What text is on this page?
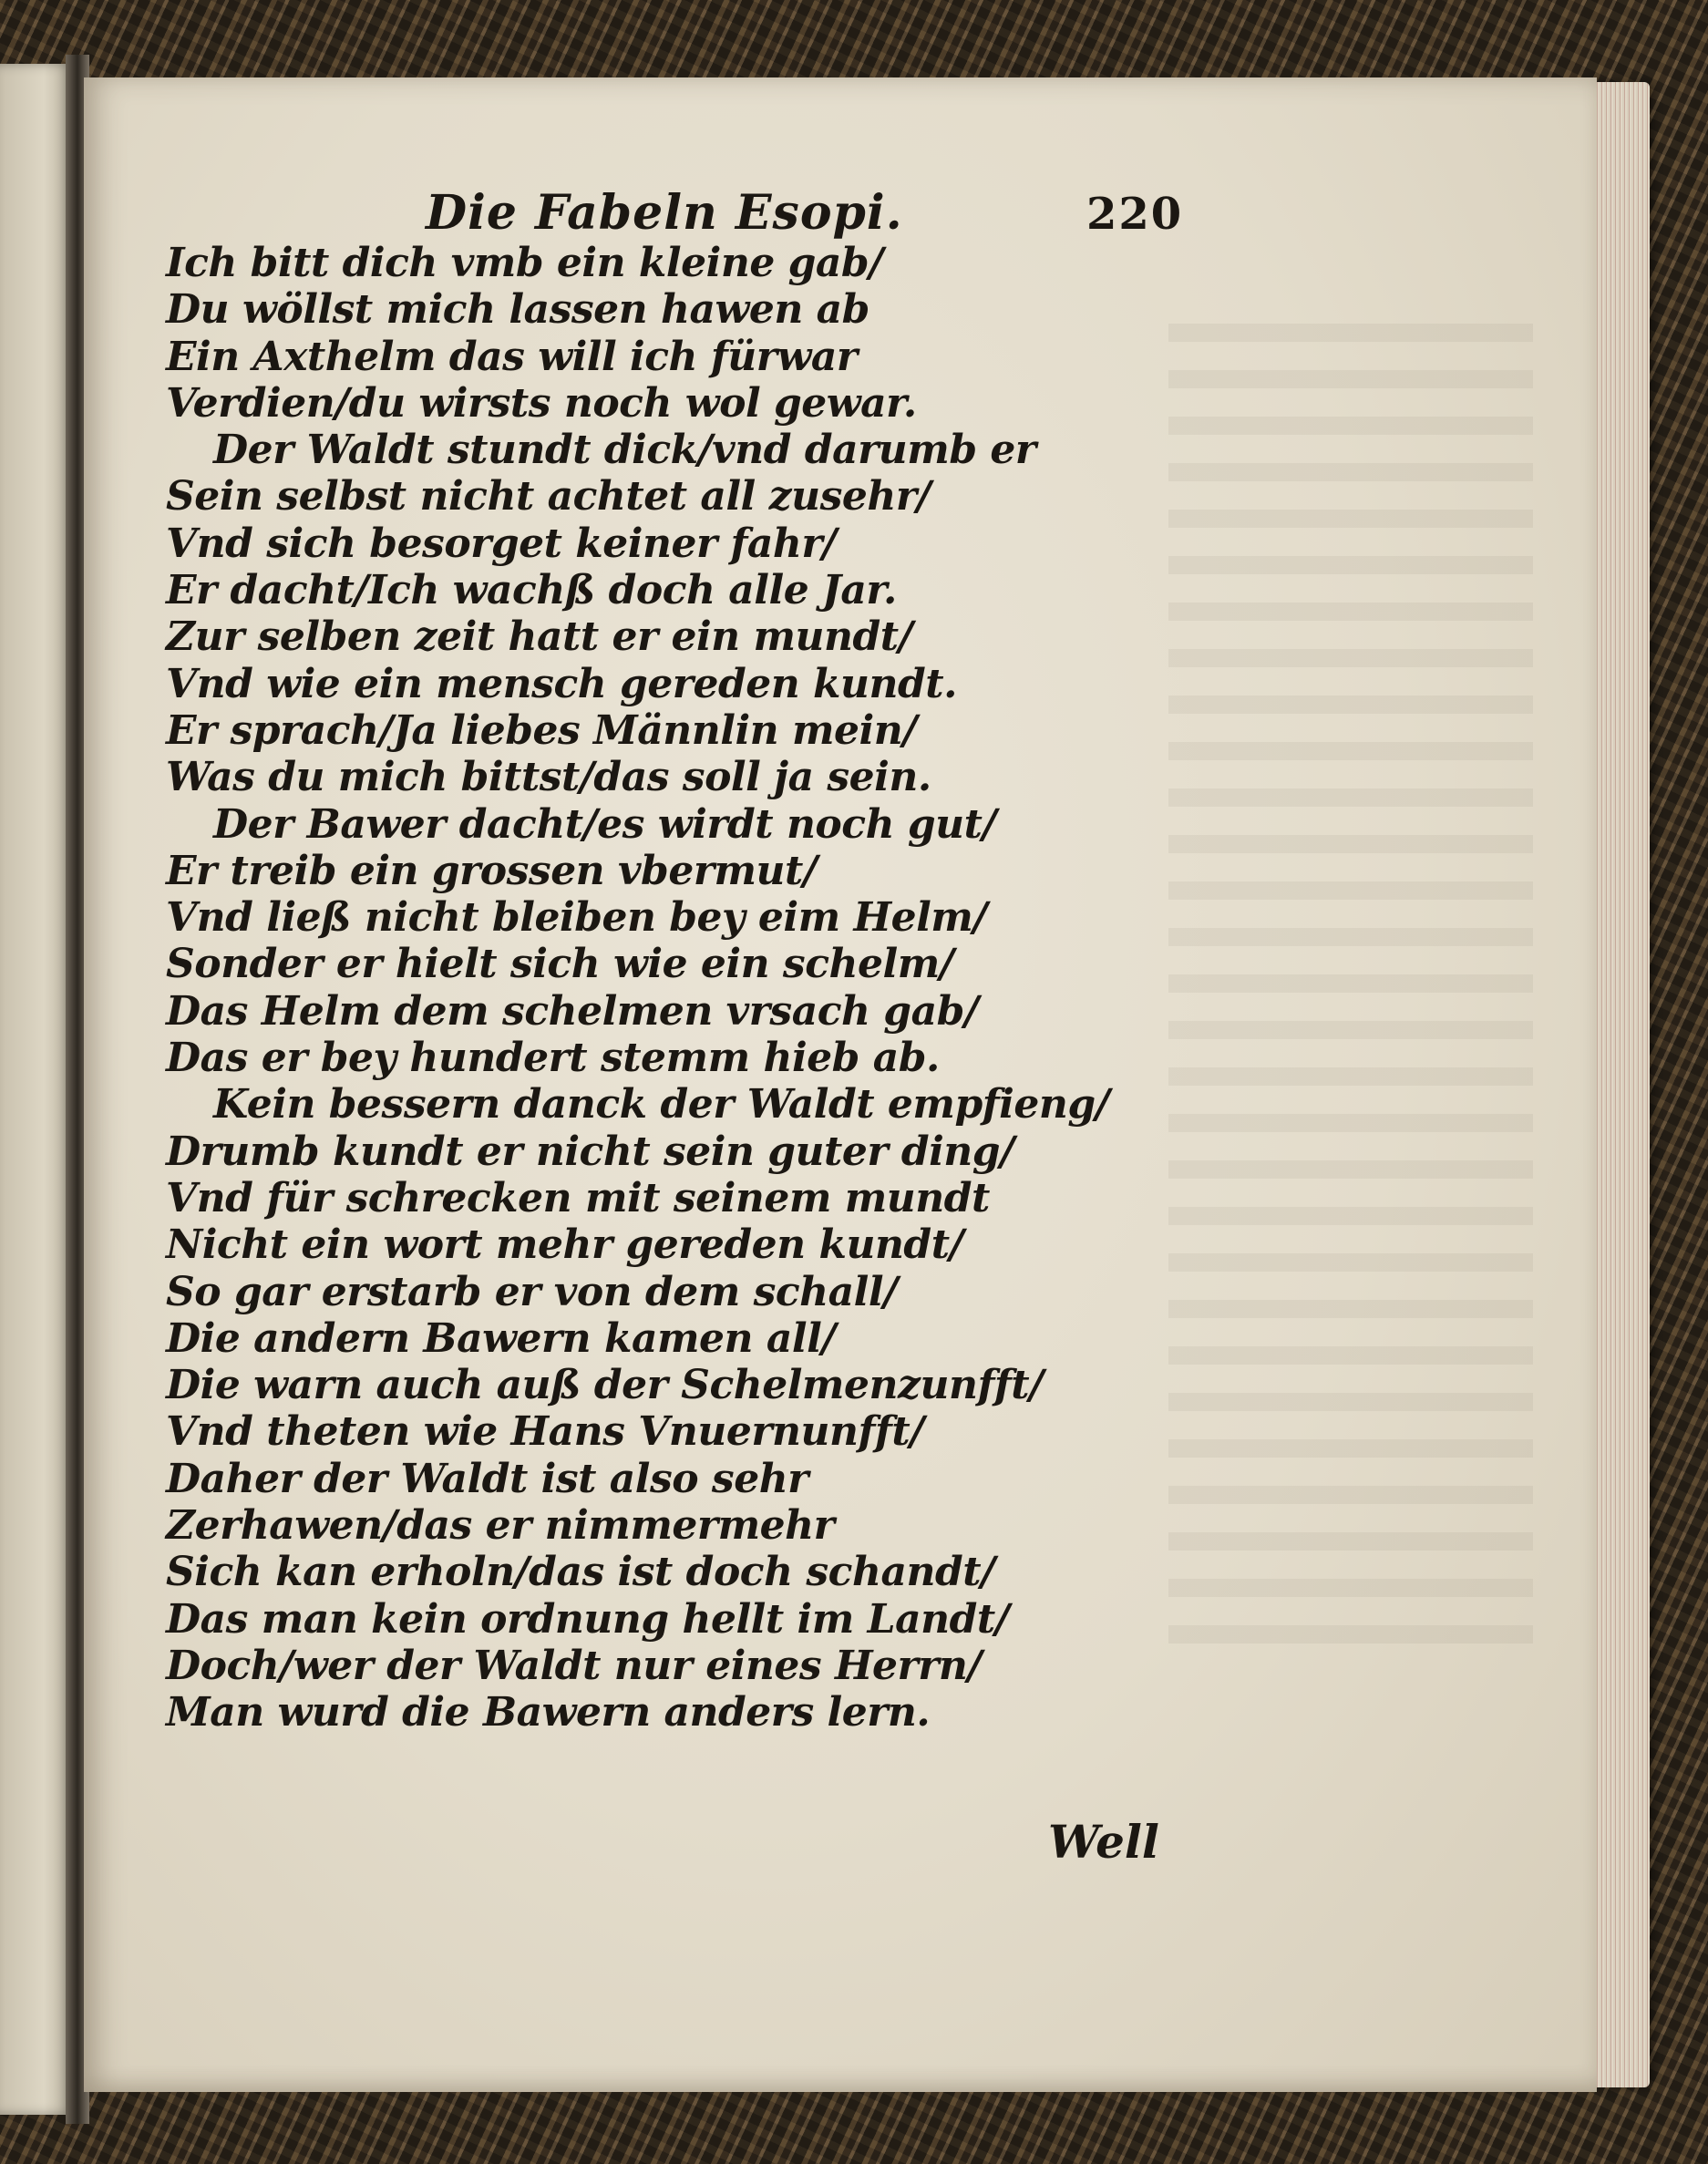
Die Fabeln Esopi.	220
Ich bitt dich vmb ein kleine gab/
Du wöllst mich lassen hawen ab
Ein Axthelm das will ich fürwar
Verdien/du wirsts noch wol gewar.
Der Waldt stundt dick/vnd darumb er
Sein selbst nicht achtet all zusehr/
Vnd sich besorget keiner fahr/
Er dacht/Ich wachß doch alle Jar.
Zur selben zeit hatt er ein mundt/
Vnd wie ein mensch gereden kundt.
Er sprach/Ja liebes Männlin mein/
Was du mich bittst/das soll ja sein.
Der Bawer dacht/es wirdt noch gut/
Er treib ein grossen vbermut/
Vnd ließ nicht bleiben bey eim Helm/
Sonder er hielt sich wie ein schelm/
Das Helm dem schelmen vrsach gab/
Das er bey hundert stemm hieb ab.
Kein bessern danck der Waldt empfieng/
Drumb kundt er nicht sein guter ding/
Vnd für schrecken mit seinem mundt
Nicht ein wort mehr gereden kundt/
So gar erstarb er von dem schall/
Die andern Bawern kamen all/
Die warn auch auß der Schelmenzunfft/
Vnd theten wie Hans Vnuernunfft/
Daher der Waldt ist also sehr
Zerhawen/das er nimmermehr
Sich kan erholn/das ist doch schandt/
Das man kein ordnung hellt im Landt/
Doch/wer der Waldt nur eines Herrn/
Man wurd die Bawern anders lern.
Well
